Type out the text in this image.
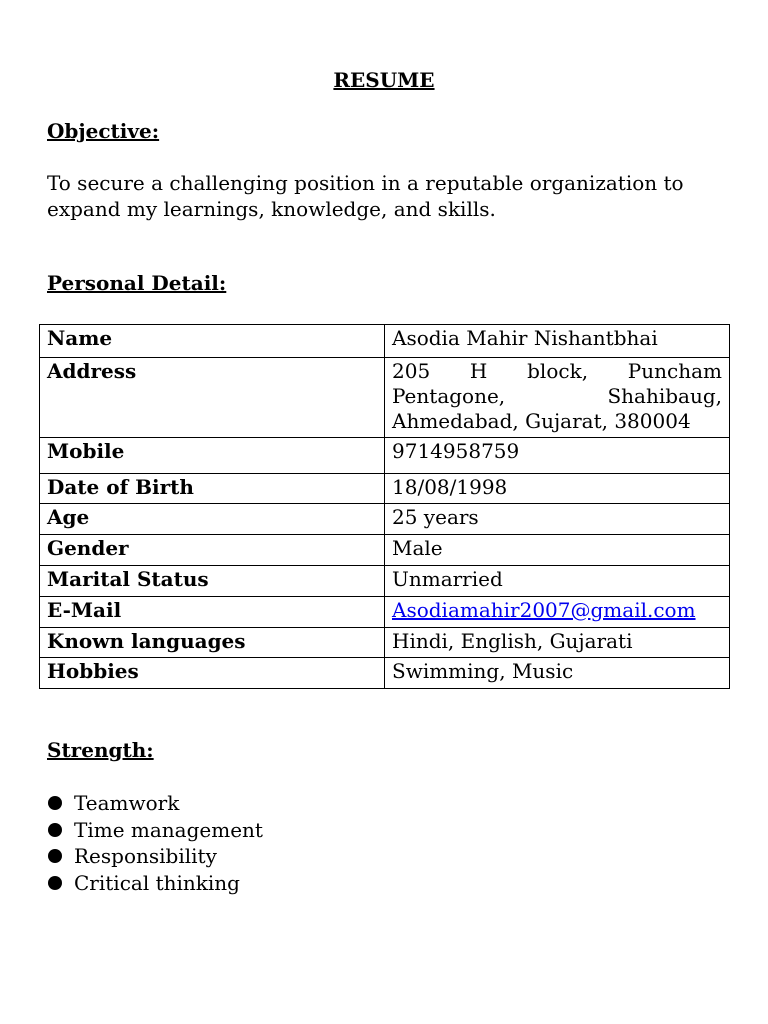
RESUME
Objective:

To secure a challenging position in a reputable organization to expand my learnings, knowledge, and skills.

Personal Detail:
Name	Asodia Mahir Nishantbhai
Address	205 H block, Puncham Pentagone, Shahibaug, Ahmedabad, Gujarat, 380004
Mobile	9714958759
Date of Birth	18/08/1998
Age	25 years
Gender	Male
Marital Status	Unmarried
E-Mail	Asodiamahir2007@gmail.com
Known languages	Hindi, English, Gujarati
Hobbies	Swimming, Music
Strength:
Teamwork
Time management
Responsibility
Critical thinking
